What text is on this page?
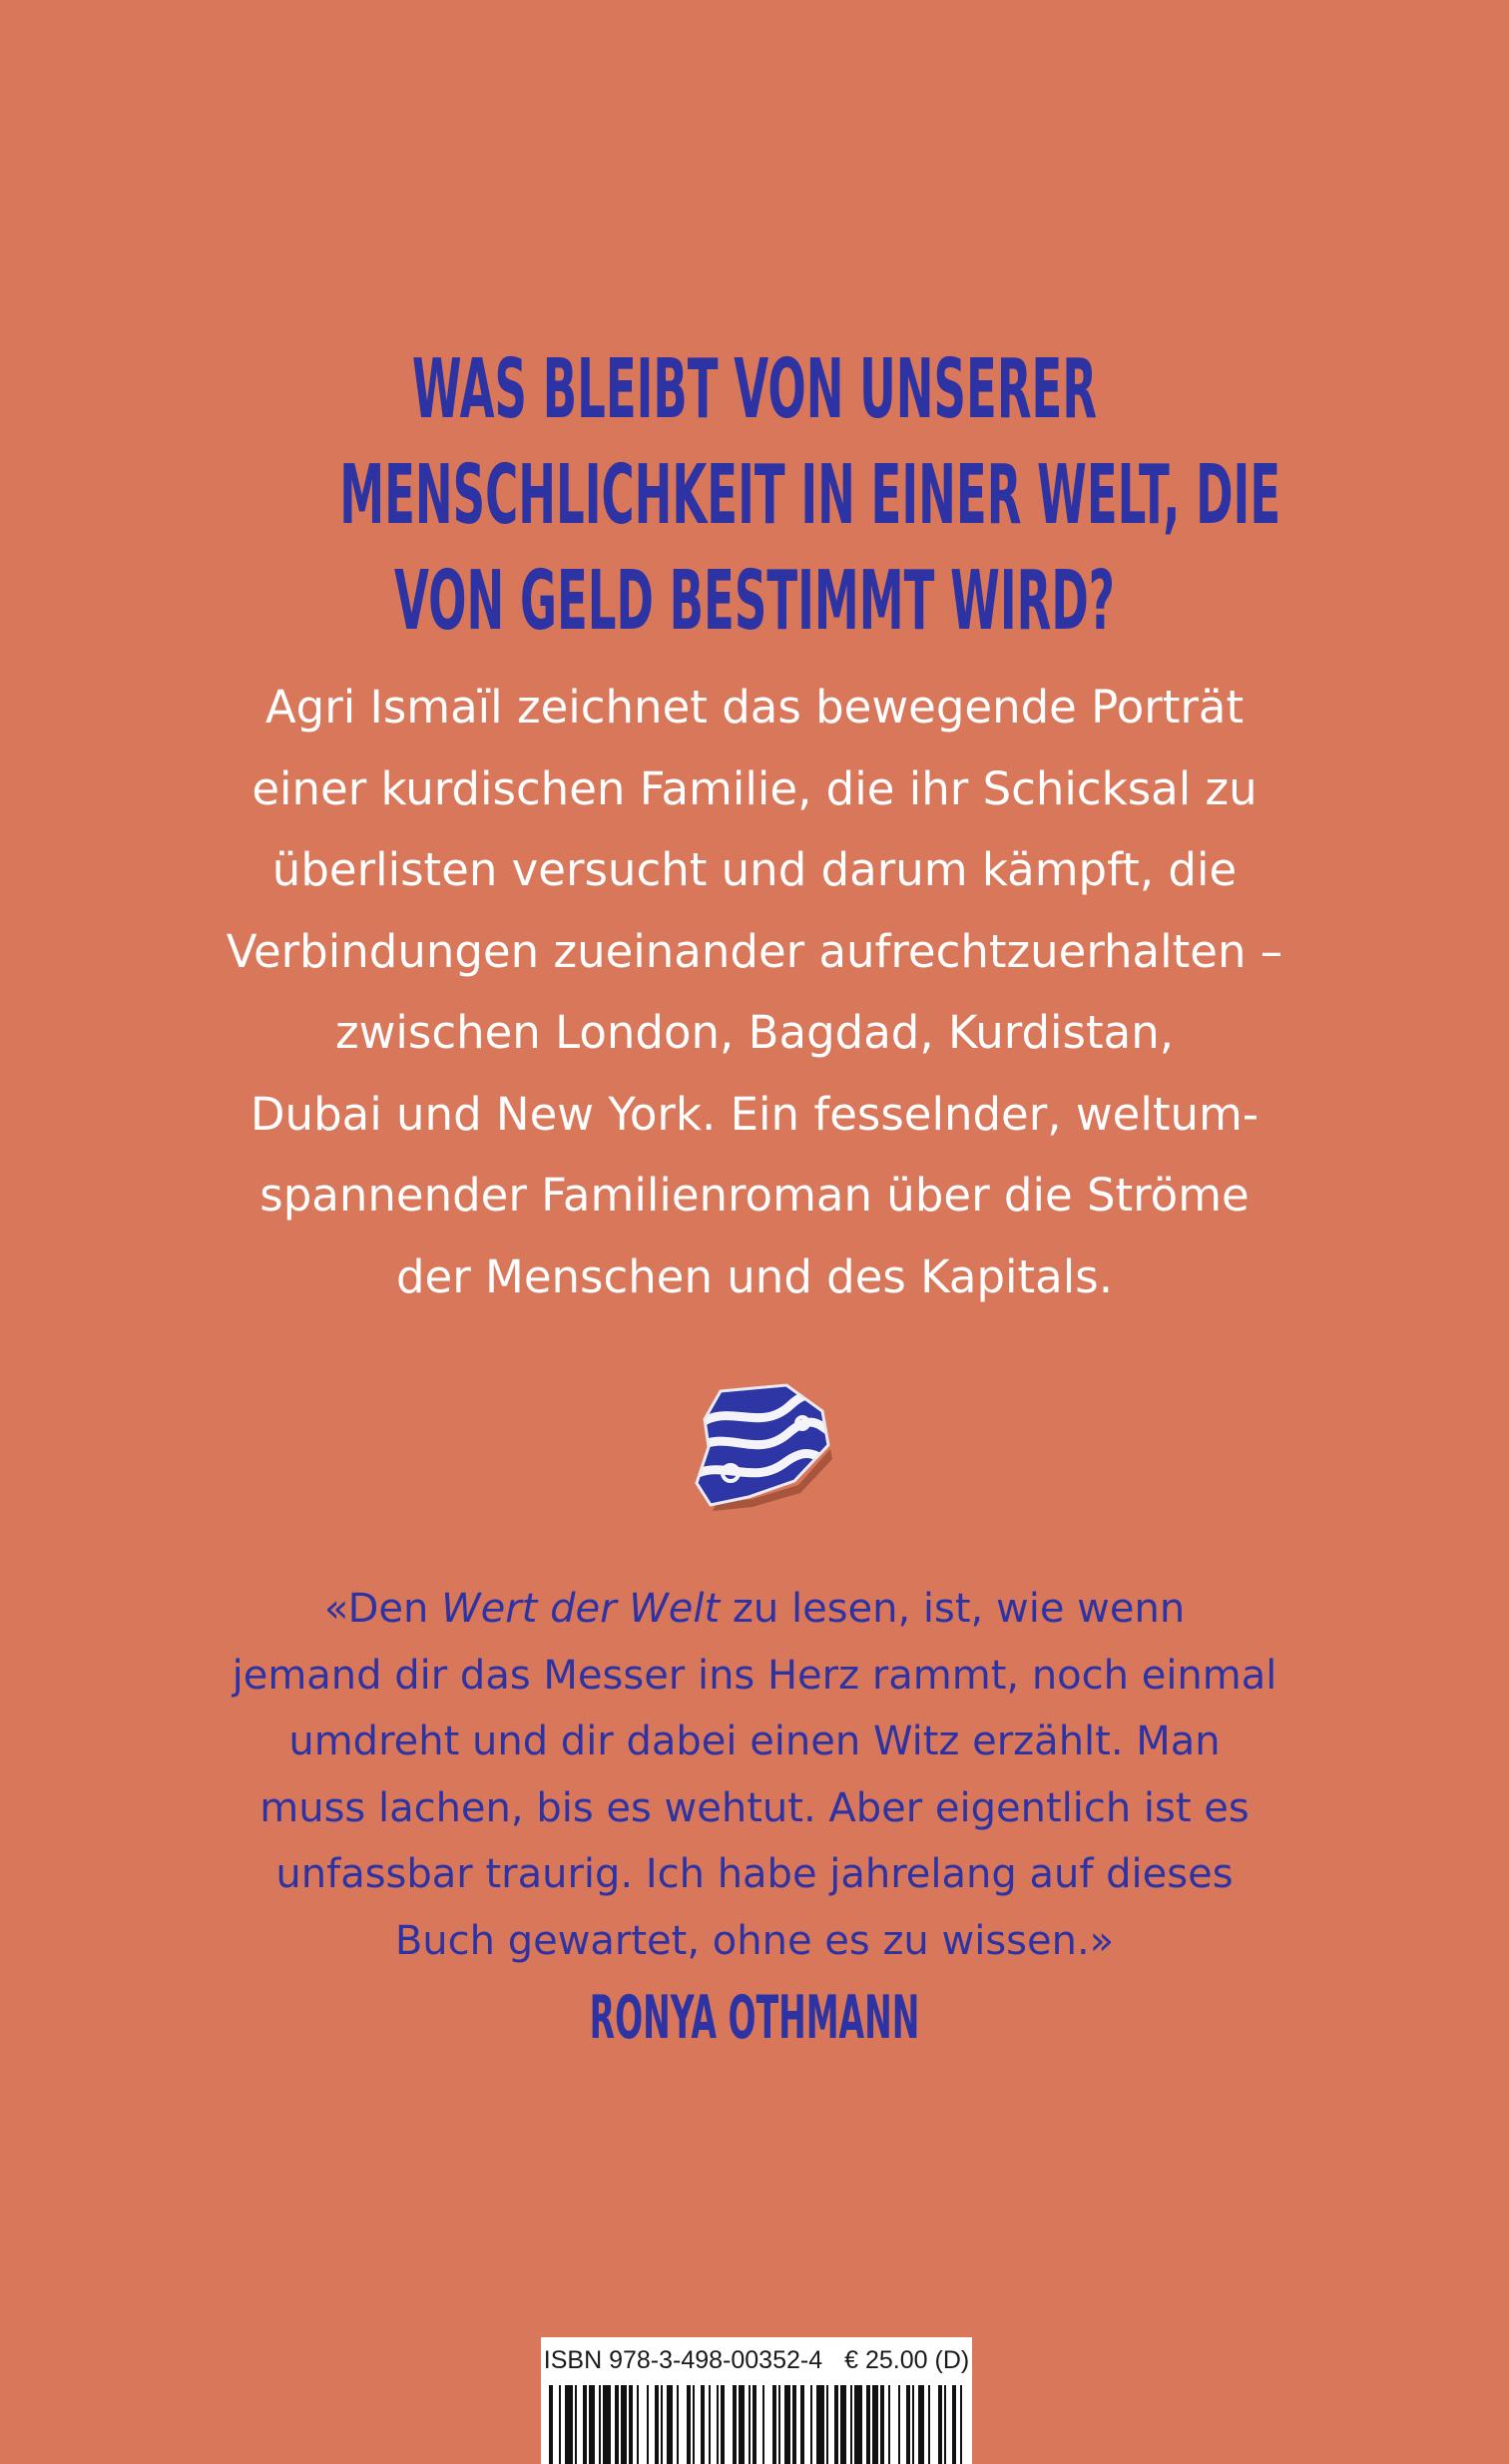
WAS BLEIBT VON UNSERER
MENSCHLICHKEIT IN EINER WELT, DIE
VON GELD BESTIMMT WIRD?
Agri Ismaïl zeichnet das bewegende Porträt
einer kurdischen Familie, die ihr Schicksal zu
überlisten versucht und darum kämpft, die
Verbindungen zueinander aufrechtzuerhalten –
zwischen London, Bagdad, Kurdistan,
Dubai und New York. Ein fesselnder, weltum-
spannender Familienroman über die Ströme
der Menschen und des Kapitals.
«Den Wert der Welt zu lesen, ist, wie wenn
jemand dir das Messer ins Herz rammt, noch einmal
umdreht und dir dabei einen Witz erzählt. Man
muss lachen, bis es wehtut. Aber eigentlich ist es
unfassbar traurig. Ich habe jahrelang auf dieses
Buch gewartet, ohne es zu wissen.»
RONYA OTHMANN
ISBN 978-3-498-00352-4 € 25.00 (D)
